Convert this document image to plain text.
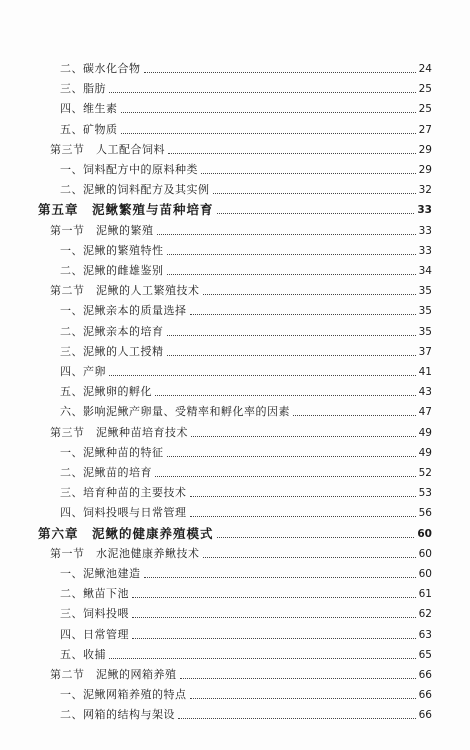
二、碳水化合物	24
三、脂肪	25
四、维生素	25
五、矿物质	27
第三节　人工配合饲料	29
一、饲料配方中的原料种类	29
二、泥鳅的饲料配方及其实例	32
第五章　泥鳅繁殖与苗种培育	33
第一节　泥鳅的繁殖	33
一、泥鳅的繁殖特性	33
二、泥鳅的雌雄鉴别	34
第二节　泥鳅的人工繁殖技术	35
一、泥鳅亲本的质量选择	35
二、泥鳅亲本的培育	35
三、泥鳅的人工授精	37
四、产卵	41
五、泥鳅卵的孵化	43
六、影响泥鳅产卵量、受精率和孵化率的因素	47
第三节　泥鳅种苗培育技术	49
一、泥鳅种苗的特征	49
二、泥鳅苗的培育	52
三、培育种苗的主要技术	53
四、饲料投喂与日常管理	56
第六章　泥鳅的健康养殖模式	60
第一节　水泥池健康养鳅技术	60
一、泥鳅池建造	60
二、鳅苗下池	61
三、饲料投喂	62
四、日常管理	63
五、收捕	65
第二节　泥鳅的网箱养殖	66
一、泥鳅网箱养殖的特点	66
二、网箱的结构与架设	66
